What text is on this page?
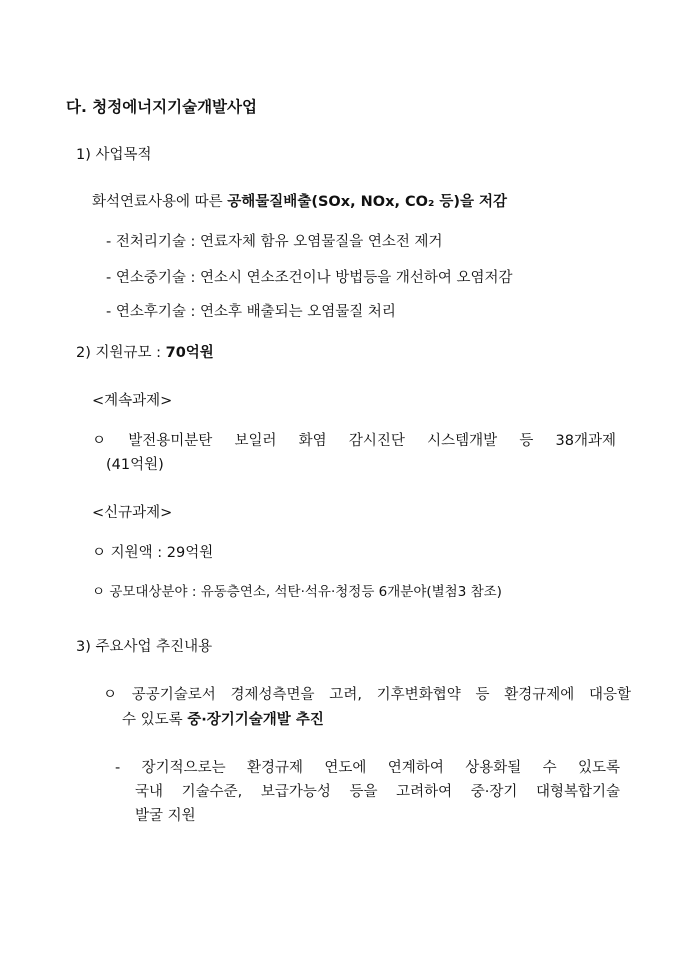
다. 청정에너지기술개발사업
1) 사업목적
화석연료사용에 따른 공해물질배출(SOx, NOx, CO₂ 등)을 저감
- 전처리기술 : 연료자체 함유 오염물질을 연소전 제거
- 연소중기술 : 연소시 연소조건이나 방법등을 개선하여 오염저감
- 연소후기술 : 연소후 배출되는 오염물질 처리
2) 지원규모 : 70억원
<계속과제>
ㅇ 발전용미분탄 보일러 화염 감시진단 시스템개발 등 38개과제
(41억원)
<신규과제>
ㅇ 지원액 : 29억원
ㅇ 공모대상분야 : 유동층연소, 석탄·석유·청정등 6개분야(별첨3 참조)
3) 주요사업 추진내용
ㅇ 공공기술로서 경제성측면을 고려, 기후변화협약 등 환경규제에 대응할
수 있도록 중·장기기술개발 추진
- 장기적으로는 환경규제 연도에 연계하여 상용화될 수 있도록
국내 기술수준, 보급가능성 등을 고려하여 중·장기 대형복합기술
발굴 지원
